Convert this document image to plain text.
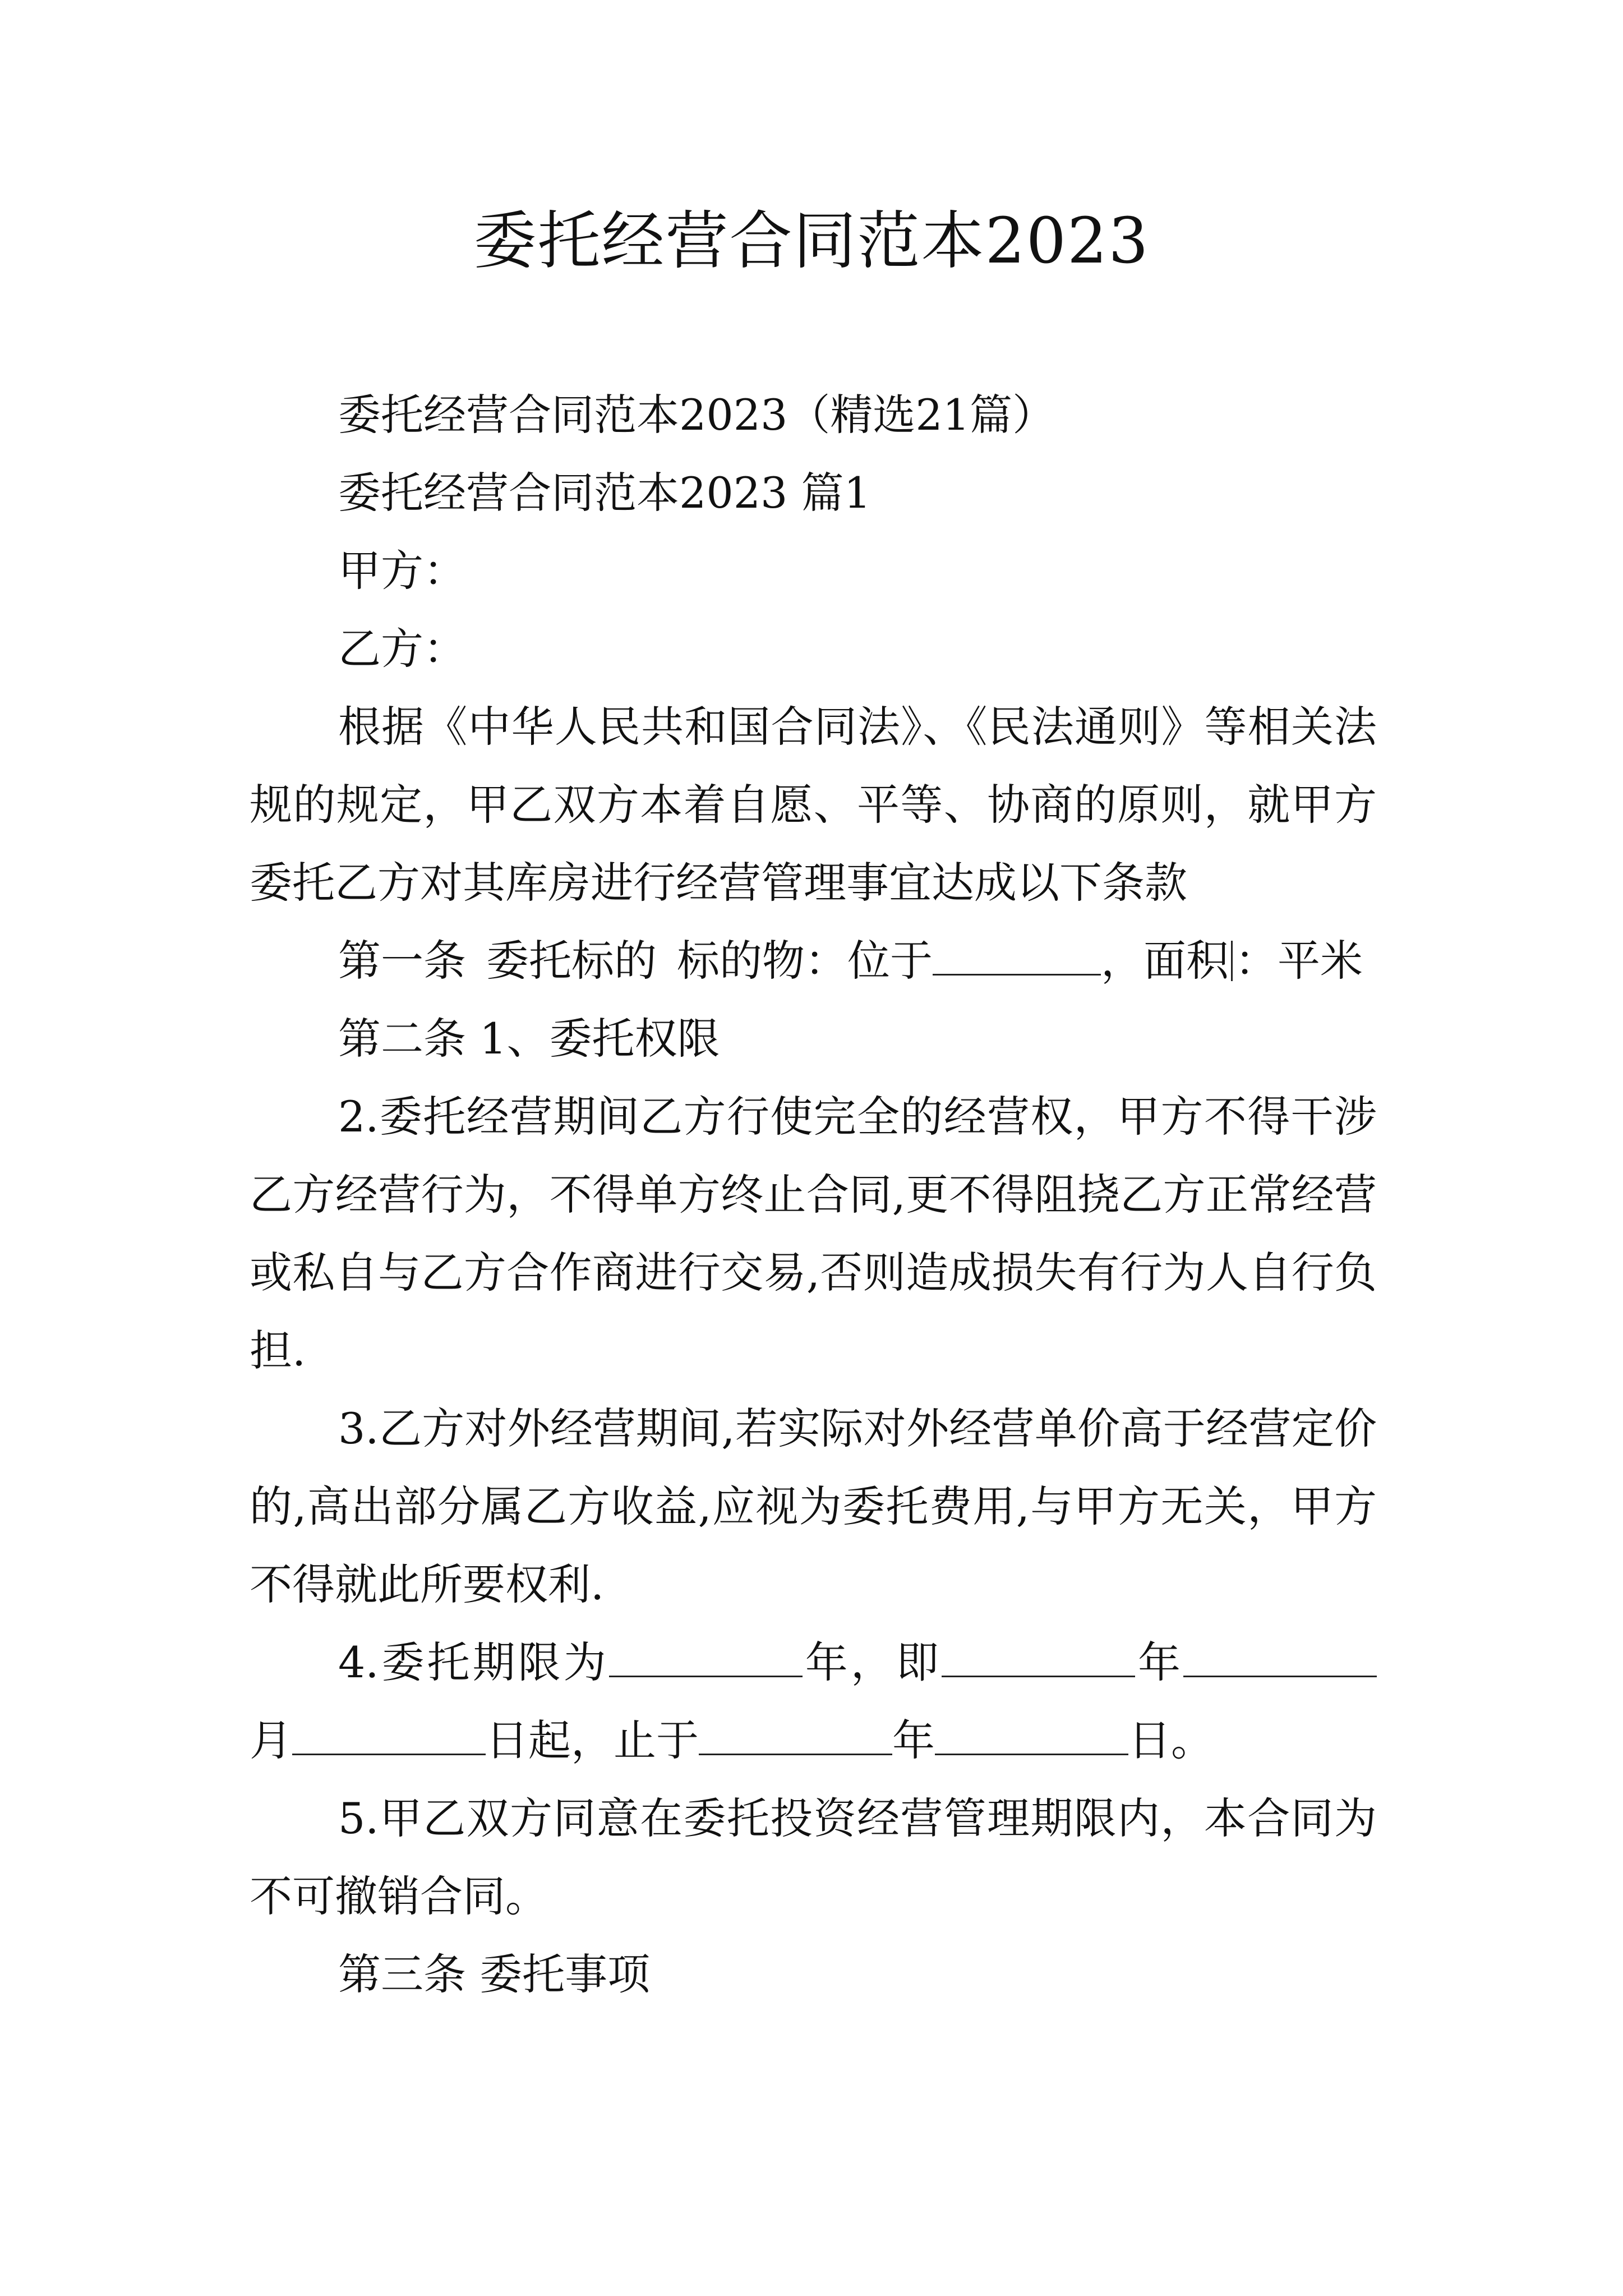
委托经营合同范本2023

委托经营合同范本2023（精选21篇）

委托经营合同范本2023 篇1

甲方：

乙方：

根据《中华人民共和国合同法》、《民法通则》等相关法规的规定，甲乙双方本着自愿、平等、协商的原则，就甲方委托乙方对其库房进行经营管理事宜达成以下条款

第一条 委托标的 标的物：位于	，面积 ：平米

第二条 1、委托权限

2.委托经营期间乙方行使完全的经营权，甲方不得干涉乙方经营行为，不得单方终止合同,更不得阻挠乙方正常经营或私自与乙方合作商进行交易,否则造成损失有行为人自行负担.

3.乙方对外经营期间,若实际对外经营单价高于经营定价的,高出部分属乙方收益,应视为委托费用,与甲方无关，甲方不得就此所要权利.

4.委托期限为	年，即	年月	日起，止于	年	日。

5.甲乙双方同意在委托投资经营管理期限内，本合同为不可撤销合同。

第三条 委托事项
